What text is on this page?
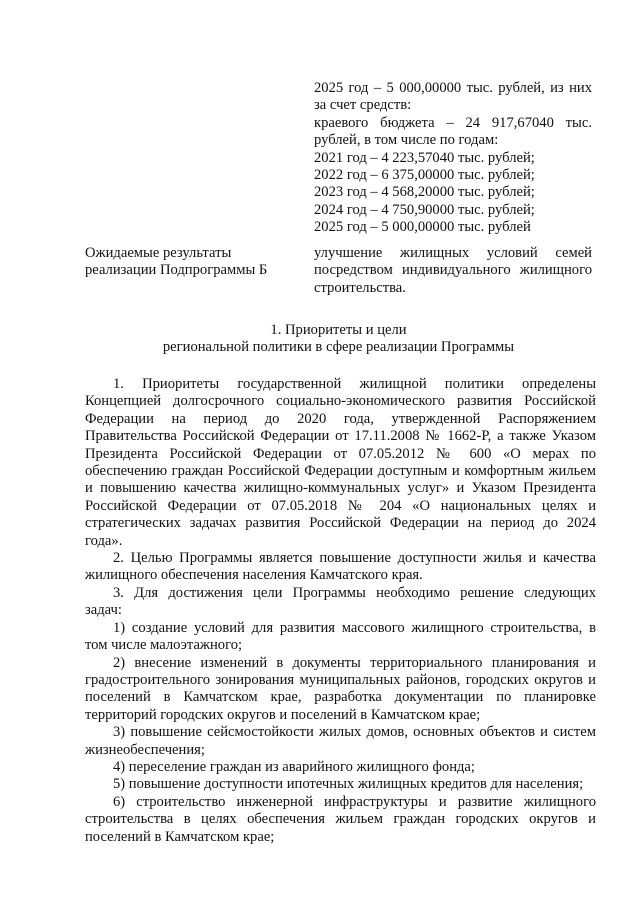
2025 год – 5 000,00000 тыс. рублей, из них
за счет средств:
краевого бюджета – 24 917,67040 тыс.
рублей, в том числе по годам:
2021 год – 4 223,57040 тыс. рублей;
2022 год – 6 375,00000 тыс. рублей;
2023 год – 4 568,20000 тыс. рублей;
2024 год – 4 750,90000 тыс. рублей;
2025 год – 5 000,00000 тыс. рублей
Ожидаемые результаты
реализации Подпрограммы Б
улучшение жилищных условий семей
посредством индивидуального жилищного
строительства.
1. Приоритеты и цели
региональной политики в сфере реализации Программы
1. Приоритеты государственной жилищной политики определены
Концепцией долгосрочного социально-экономического развития Российской
Федерации на период до 2020 года, утвержденной Распоряжением
Правительства Российской Федерации от 17.11.2008 № 1662-Р, а также Указом
Президента Российской Федерации от 07.05.2012 № 600 «О мерах по
обеспечению граждан Российской Федерации доступным и комфортным жильем
и повышению качества жилищно-коммунальных услуг» и Указом Президента
Российской Федерации от 07.05.2018 № 204 «О национальных целях и
стратегических задачах развития Российской Федерации на период до 2024
года».
2. Целью Программы является повышение доступности жилья и качества
жилищного обеспечения населения Камчатского края.
3. Для достижения цели Программы необходимо решение следующих
задач:
1) создание условий для развития массового жилищного строительства, в
том числе малоэтажного;
2) внесение изменений в документы территориального планирования и
градостроительного зонирования муниципальных районов, городских округов и
поселений в Камчатском крае, разработка документации по планировке
территорий городских округов и поселений в Камчатском крае;
3) повышение сейсмостойкости жилых домов, основных объектов и систем
жизнеобеспечения;
4) переселение граждан из аварийного жилищного фонда;
5) повышение доступности ипотечных жилищных кредитов для населения;
6) строительство инженерной инфраструктуры и развитие жилищного
строительства в целях обеспечения жильем граждан городских округов и
поселений в Камчатском крае;
